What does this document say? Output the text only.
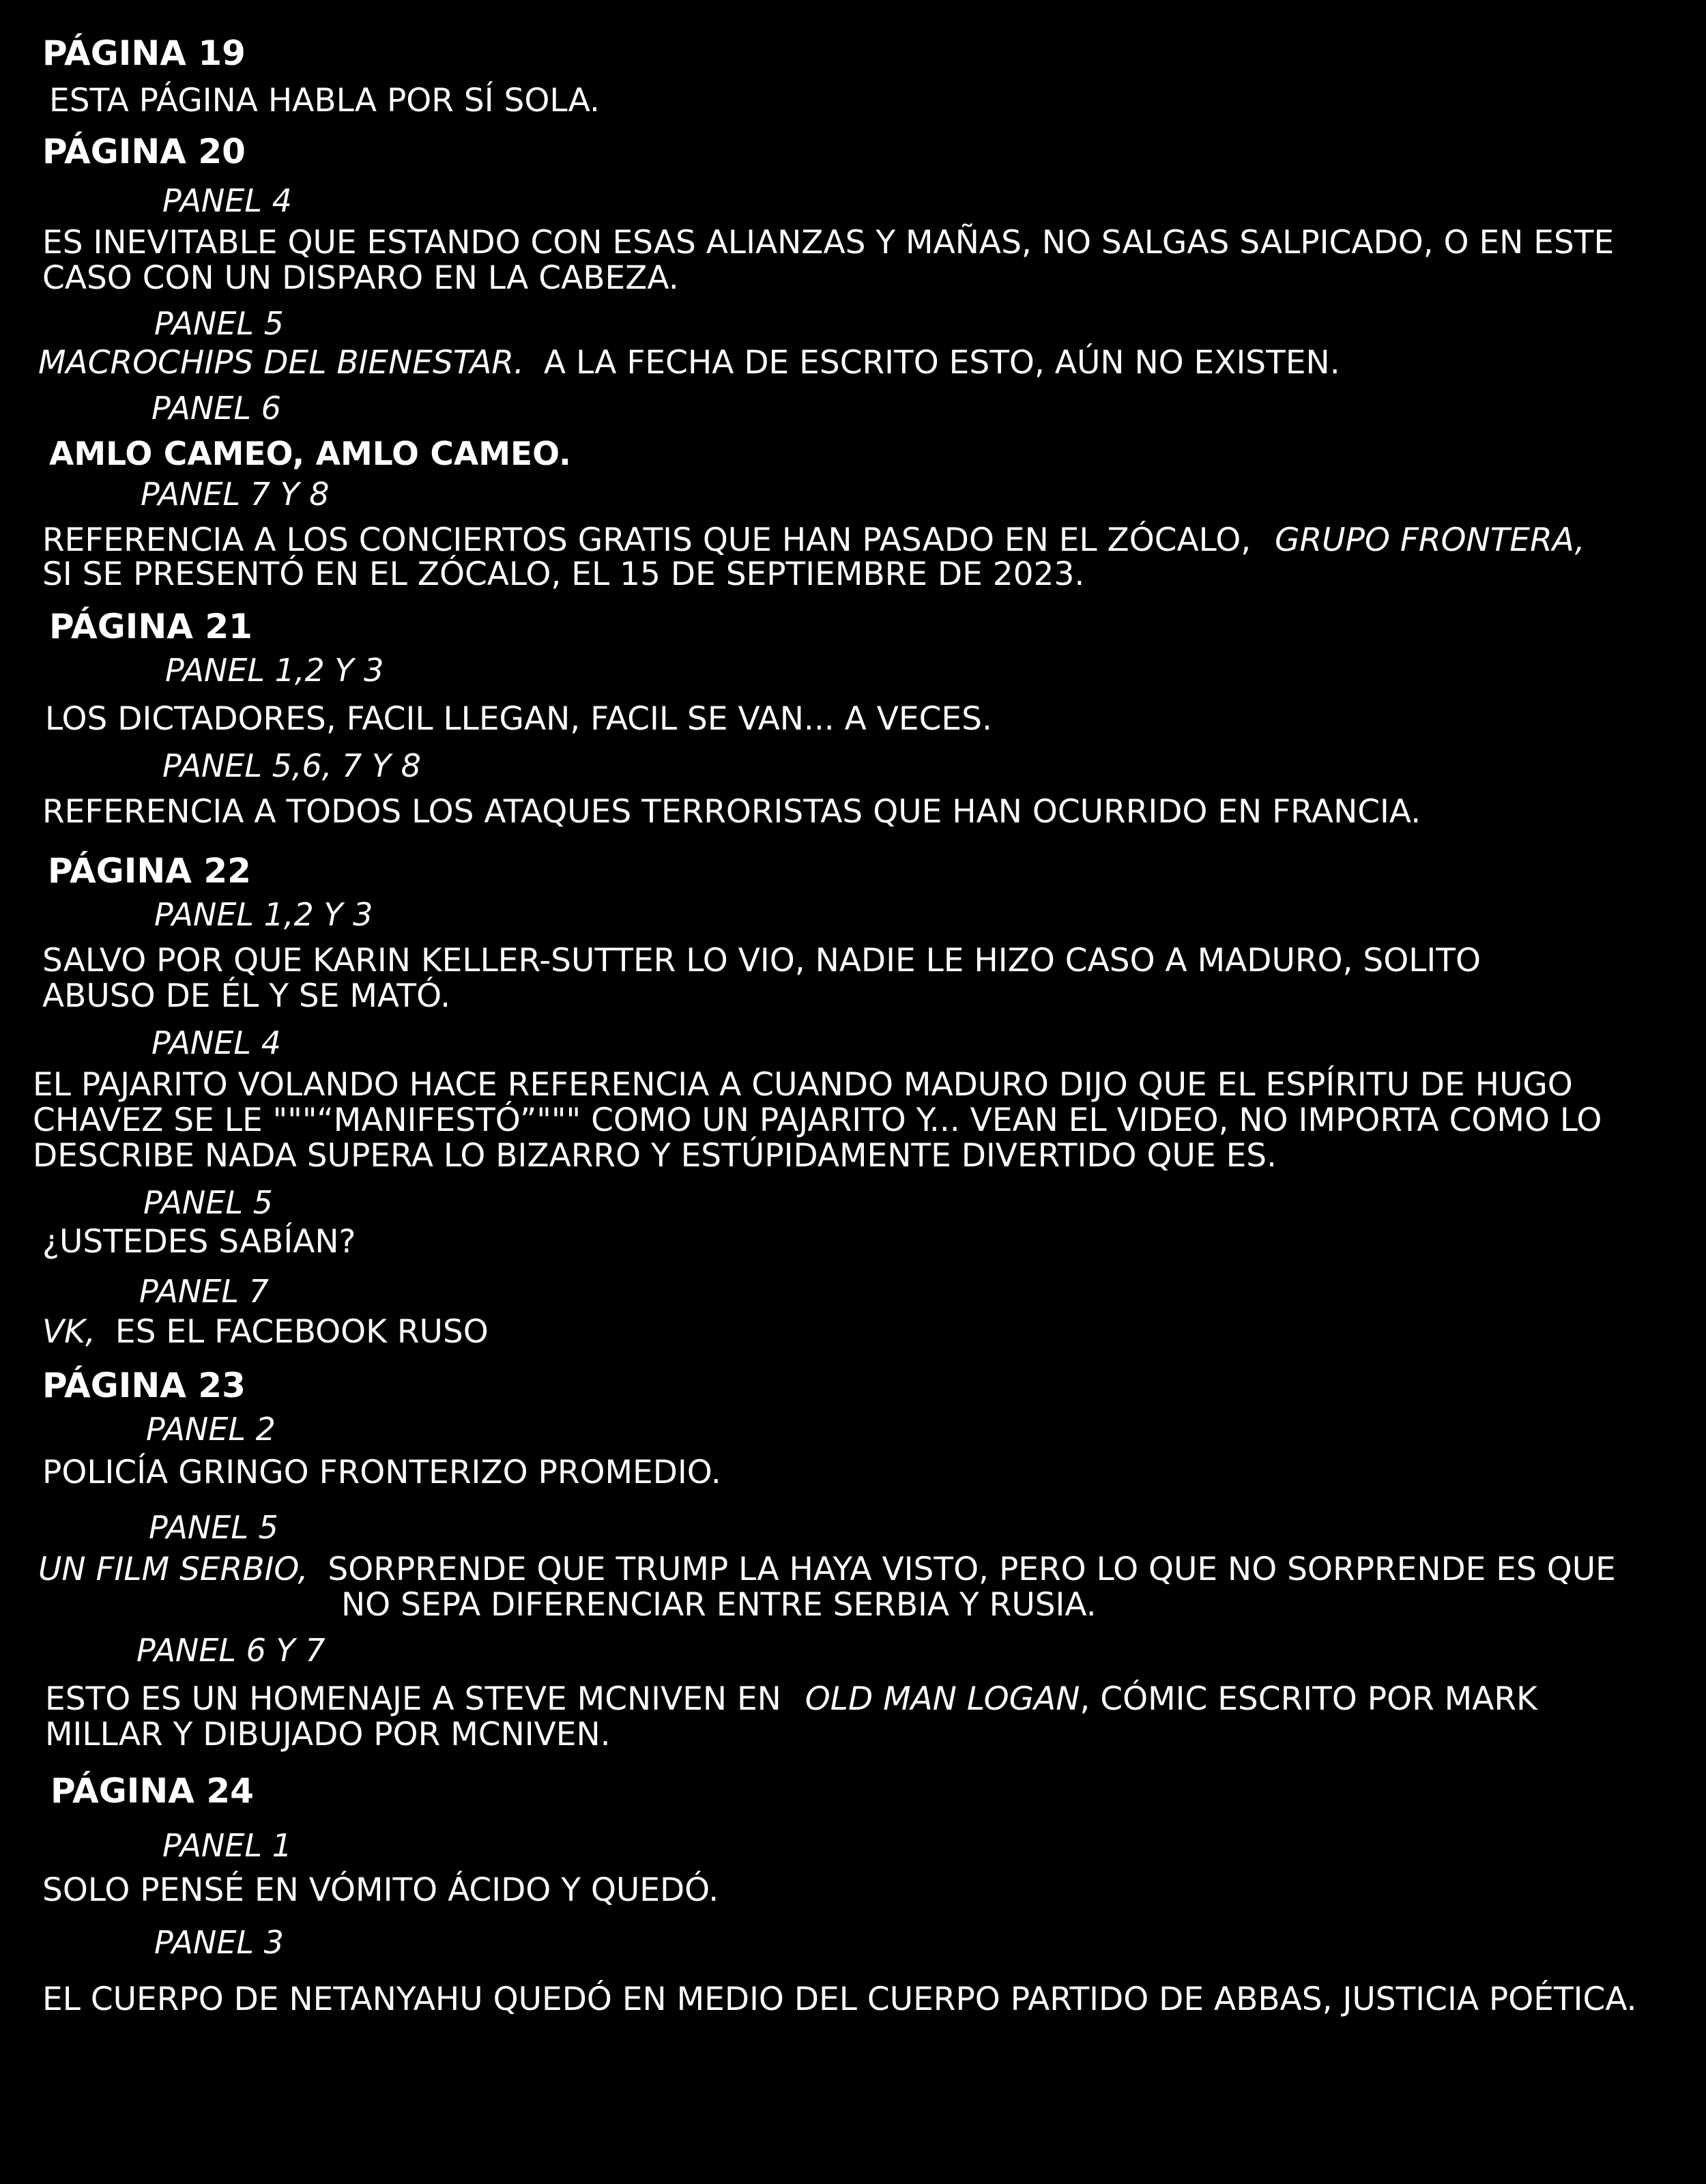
PÁGINA 19
ESTA PÁGINA HABLA POR SÍ SOLA.
PÁGINA 20
PANEL 4
ES INEVITABLE QUE ESTANDO CON ESAS ALIANZAS Y MAÑAS, NO SALGAS SALPICADO, O EN ESTE
CASO CON UN DISPARO EN LA CABEZA.
PANEL 5
MACROCHIPS DEL BIENESTAR. A LA FECHA DE ESCRITO ESTO, AÚN NO EXISTEN.
PANEL 6
AMLO CAMEO, AMLO CAMEO.
PANEL 7 Y 8
REFERENCIA A LOS CONCIERTOS GRATIS QUE HAN PASADO EN EL ZÓCALO, GRUPO FRONTERA,
SI SE PRESENTÓ EN EL ZÓCALO, EL 15 DE SEPTIEMBRE DE 2023.
PÁGINA 21
PANEL 1,2 Y 3
LOS DICTADORES, FACIL LLEGAN, FACIL SE VAN... A VECES.
PANEL 5,6, 7 Y 8
REFERENCIA A TODOS LOS ATAQUES TERRORISTAS QUE HAN OCURRIDO EN FRANCIA.
PÁGINA 22
PANEL 1,2 Y 3
SALVO POR QUE KARIN KELLER-SUTTER LO VIO, NADIE LE HIZO CASO A MADURO, SOLITO
ABUSO DE ÉL Y SE MATÓ.
PANEL 4
EL PAJARITO VOLANDO HACE REFERENCIA A CUANDO MADURO DIJO QUE EL ESPÍRITU DE HUGO
CHAVEZ SE LE """“MANIFESTÓ”""" COMO UN PAJARITO Y... VEAN EL VIDEO, NO IMPORTA COMO LO
DESCRIBE NADA SUPERA LO BIZARRO Y ESTÚPIDAMENTE DIVERTIDO QUE ES.
PANEL 5
¿USTEDES SABÍAN?
PANEL 7
VK, ES EL FACEBOOK RUSO
PÁGINA 23
PANEL 2
POLICÍA GRINGO FRONTERIZO PROMEDIO.
PANEL 5
UN FILM SERBIO, SORPRENDE QUE TRUMP LA HAYA VISTO, PERO LO QUE NO SORPRENDE ES QUE
NO SEPA DIFERENCIAR ENTRE SERBIA Y RUSIA.
PANEL 6 Y 7
ESTO ES UN HOMENAJE A STEVE MCNIVEN EN OLD MAN LOGAN, CÓMIC ESCRITO POR MARK
MILLAR Y DIBUJADO POR MCNIVEN.
PÁGINA 24
PANEL 1
SOLO PENSÉ EN VÓMITO ÁCIDO Y QUEDÓ.
PANEL 3
EL CUERPO DE NETANYAHU QUEDÓ EN MEDIO DEL CUERPO PARTIDO DE ABBAS, JUSTICIA POÉTICA.
